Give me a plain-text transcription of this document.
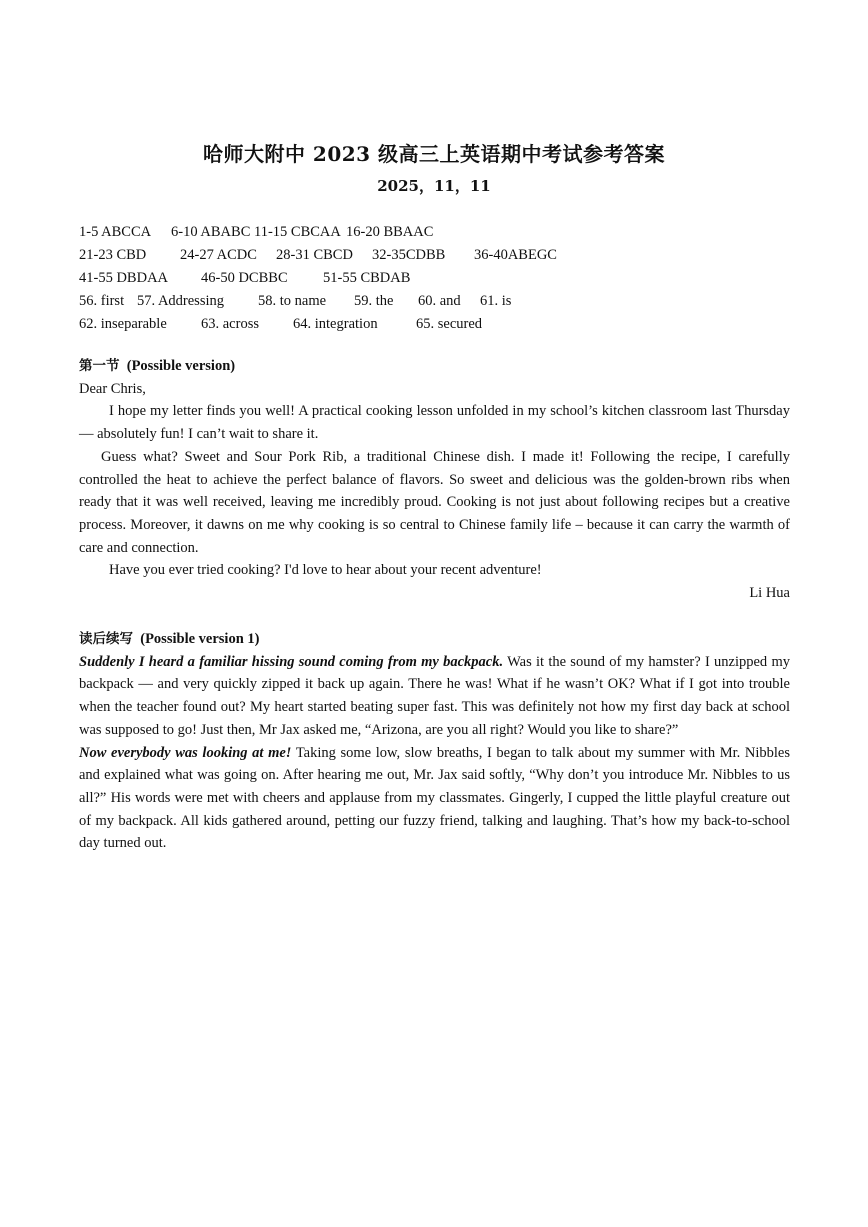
哈师大附中 2023 级高三上英语期中考试参考答案
2025，11，11
1-5 ABCCA 6-10 ABABC 11-15 CBCAA 16-20 BBAAC
21-23 CBD 24-27 ACDC 28-31 CBCD 32-35CDBB 36-40ABEGC
41-55 DBDAA 46-50 DCBBC 51-55 CBDAB
56. first 57. Addressing 58. to name 59. the 60. and 61. is
62. inseparable 63. across 64. integration	65. secured
第一节 (Possible version)

Dear Chris,

I hope my letter finds you well! A practical cooking lesson unfolded in my school’s kitchen classroom last Thursday— absolutely fun! I can’t wait to share it.

Guess what? Sweet and Sour Pork Rib, a traditional Chinese dish. I made it! Following the recipe, I carefully controlled the heat to achieve the perfect balance of flavors. So sweet and delicious was the golden-brown ribs when ready that it was well received, leaving me incredibly proud. Cooking is not just about following recipes but a creative process. Moreover, it dawns on me why cooking is so central to Chinese family life – because it can carry the warmth of care and connection.

Have you ever tried cooking? I'd love to hear about your recent adventure!

Li Hua

读后续写 (Possible version 1)

Suddenly I heard a familiar hissing sound coming from my backpack. Was it the sound of my hamster? I unzipped my backpack — and very quickly zipped it back up again. There he was! What if he wasn’t OK? What if I got into trouble when the teacher found out? My heart started beating super fast. This was definitely not how my first day back at school was supposed to go! Just then, Mr Jax asked me, “Arizona, are you all right? Would you like to share?”

Now everybody was looking at me! Taking some low, slow breaths, I began to talk about my summer with Mr. Nibbles and explained what was going on. After hearing me out, Mr. Jax said softly, “Why don’t you introduce Mr. Nibbles to us all?” His words were met with cheers and applause from my classmates. Gingerly, I cupped the little playful creature out of my backpack. All kids gathered around, petting our fuzzy friend, talking and laughing. That’s how my back-to-school day turned out.
